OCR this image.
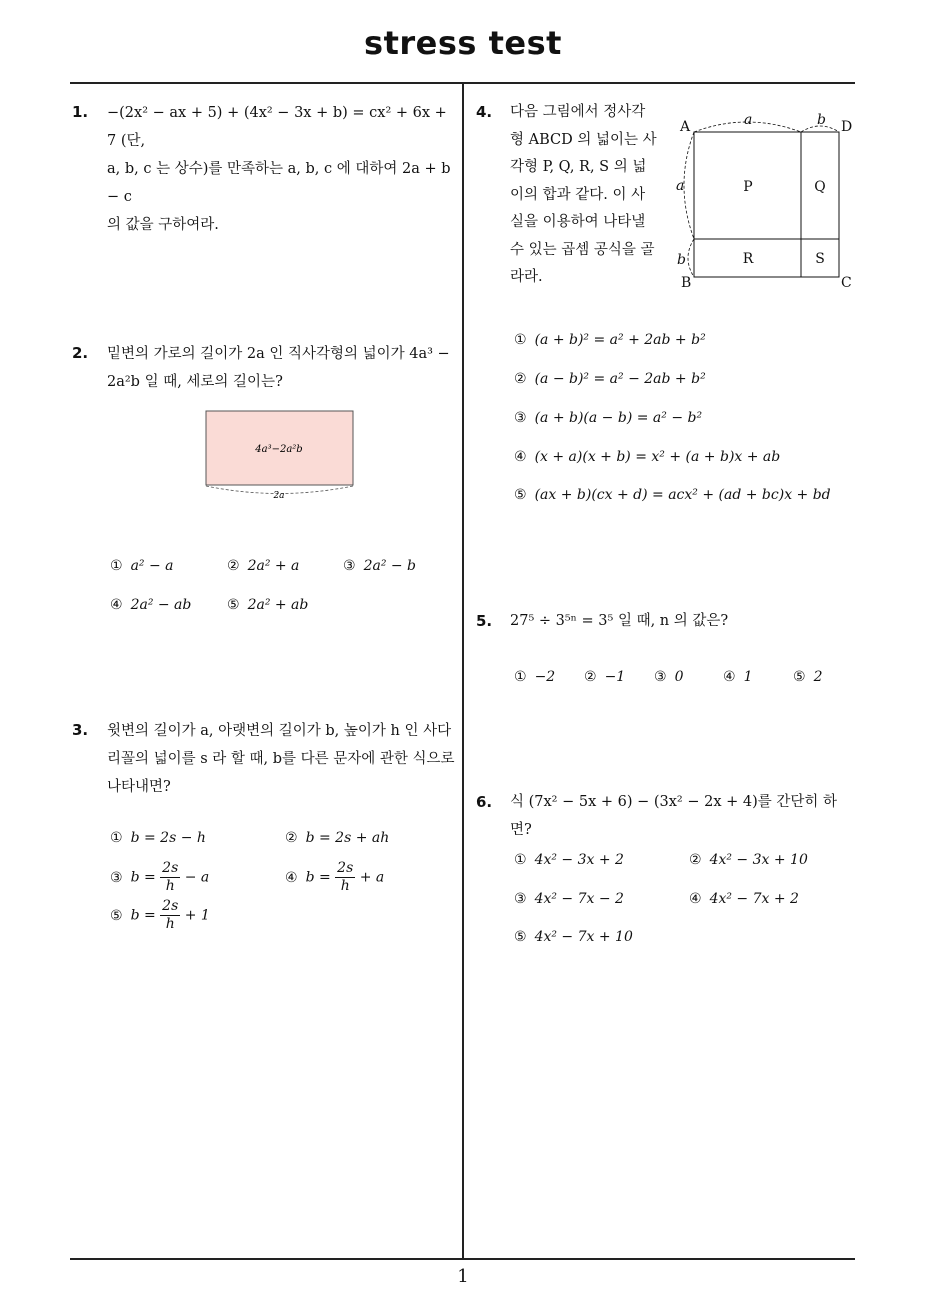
stress test
1
1. −(2x² − ax + 5) + (4x² − 3x + b) = cx² + 6x + 7 (단,
a, b, c 는 상수)를 만족하는 a, b, c 에 대하여 2a + b − c
의 값을 구하여라.
2. 밑변의 가로의 길이가 2a 인 직사각형의 넓이가 4a³ −
2a²b 일 때, 세로의 길이는?
4a³−2a²b
2a
① a² − a	② 2a² + a	③ 2a² − b
④ 2a² − ab	⑤ 2a² + ab
3. 윗변의 길이가 a, 아랫변의 길이가 b, 높이가 h 인 사다
리꼴의 넓이를 s 라 할 때, b를 다른 문자에 관한 식으로
나타내면?
① b = 2s − h	② b = 2s + ah
③ $b = \frac{2s}{h} - a$	④ $b = \frac{2s}{h} + a$
⑤ $b = \frac{2s}{h} + 1$
4. 다음 그림에서 정사각
형 ABCD 의 넓이는 사
각형 P, Q, R, S 의 넓
이의 합과 같다. 이 사
실을 이용하여 나타낼
수 있는 곱셈 공식을 골
라라.
A
B	C
D
a	b
a
b
P	Q
R	S
① (a + b)² = a² + 2ab + b²
② (a − b)² = a² − 2ab + b²
③ (a + b)(a − b) = a² − b²
④ (x + a)(x + b) = x² + (a + b)x + ab
⑤ (ax + b)(cx + d) = acx² + (ad + bc)x + bd
5. 27⁵ ÷ 3⁵ⁿ = 3⁵ 일 때, n 의 값은?
① −2 ② −1 ③ 0	④ 1	⑤ 2
6. 식 (7x² − 5x + 6) − (3x² − 2x + 4)를 간단히 하면?
① 4x² − 3x + 2	② 4x² − 3x + 10
③ 4x² − 7x − 2	④ 4x² − 7x + 2
⑤ 4x² − 7x + 10
